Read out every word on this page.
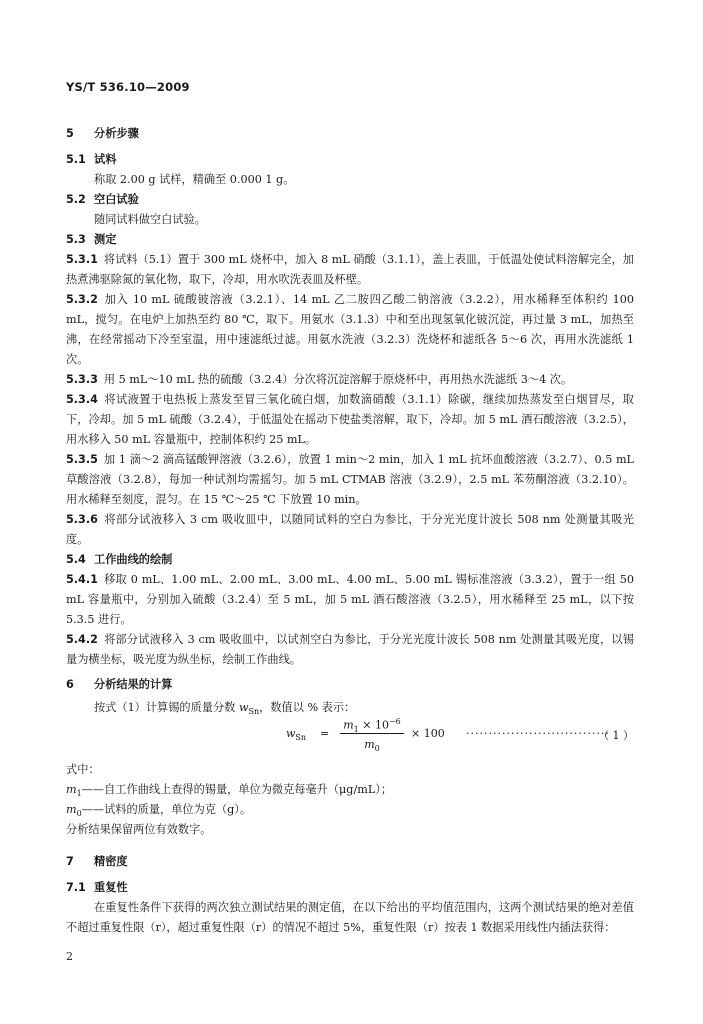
YS/T 536.10—2009
5 分析步骤
5.1 试料
称取 2.00 g 试样，精确至 0.000 1 g。
5.2 空白试验
随同试料做空白试验。
5.3 测定
5.3.1 将试料（5.1）置于 300 mL 烧杯中，加入 8 mL 硝酸（3.1.1），盖上表皿，于低温处使试料溶解完全，加热煮沸驱除氮的氧化物，取下，冷却，用水吹洗表皿及杯壁。
5.3.2 加入 10 mL 硫酸铍溶液（3.2.1）、14 mL 乙二胺四乙酸二钠溶液（3.2.2），用水稀释至体积约 100 mL，搅匀。在电炉上加热至约 80 ℃，取下。用氨水（3.1.3）中和至出现氢氧化铍沉淀，再过量 3 mL，加热至沸，在经常摇动下冷至室温，用中速滤纸过滤。用氨水洗液（3.2.3）洗烧杯和滤纸各 5～6 次，再用水洗滤纸 1 次。
5.3.3 用 5 mL～10 mL 热的硫酸（3.2.4）分次将沉淀溶解于原烧杯中，再用热水洗滤纸 3～4 次。
5.3.4 将试液置于电热板上蒸发至冒三氧化硫白烟，加数滴硝酸（3.1.1）除碳，继续加热蒸发至白烟冒尽，取下，冷却。加 5 mL 硫酸（3.2.4），于低温处在摇动下使盐类溶解，取下，冷却。加 5 mL 酒石酸溶液（3.2.5），用水移入 50 mL 容量瓶中，控制体积约 25 mL。
5.3.5 加 1 滴～2 滴高锰酸钾溶液（3.2.6），放置 1 min～2 min，加入 1 mL 抗坏血酸溶液（3.2.7）、0.5 mL 草酸溶液（3.2.8），每加一种试剂均需摇匀。加 5 mL CTMAB 溶液（3.2.9），2.5 mL 苯芴酮溶液（3.2.10）。用水稀释至刻度，混匀。在 15 ℃～25 ℃ 下放置 10 min。
5.3.6 将部分试液移入 3 cm 吸收皿中，以随同试料的空白为参比，于分光光度计波长 508 nm 处测量其吸光度。
5.4 工作曲线的绘制
5.4.1 移取 0 mL、1.00 mL、2.00 mL、3.00 mL、4.00 mL、5.00 mL 锡标准溶液（3.3.2），置于一组 50 mL 容量瓶中，分别加入硫酸（3.2.4）至 5 mL，加 5 mL 酒石酸溶液（3.2.5），用水稀释至 25 mL，以下按 5.3.5 进行。
5.4.2 将部分试液移入 3 cm 吸收皿中，以试剂空白为参比，于分光光度计波长 508 nm 处测量其吸光度，以锡量为横坐标，吸光度为纵坐标，绘制工作曲线。
6 分析结果的计算
按式（1）计算锡的质量分数 $w_{Sn}$，数值以 % 表示：
$w_{Sn}$ =
$m_1 \times 10^{-6}$
$m_0$
× 100 ································
（ 1 ）
式中：
$m_1——$自工作曲线上查得的锡量，单位为微克每毫升（μg/mL）；
$m_0——$试料的质量，单位为克（g）。
分析结果保留两位有效数字。
7 精密度
7.1 重复性
在重复性条件下获得的两次独立测试结果的测定值，在以下给出的平均值范围内，这两个测试结果的绝对差值不超过重复性限（r），超过重复性限（r）的情况不超过 5%，重复性限（r）按表 1 数据采用线性内插法获得：
2
